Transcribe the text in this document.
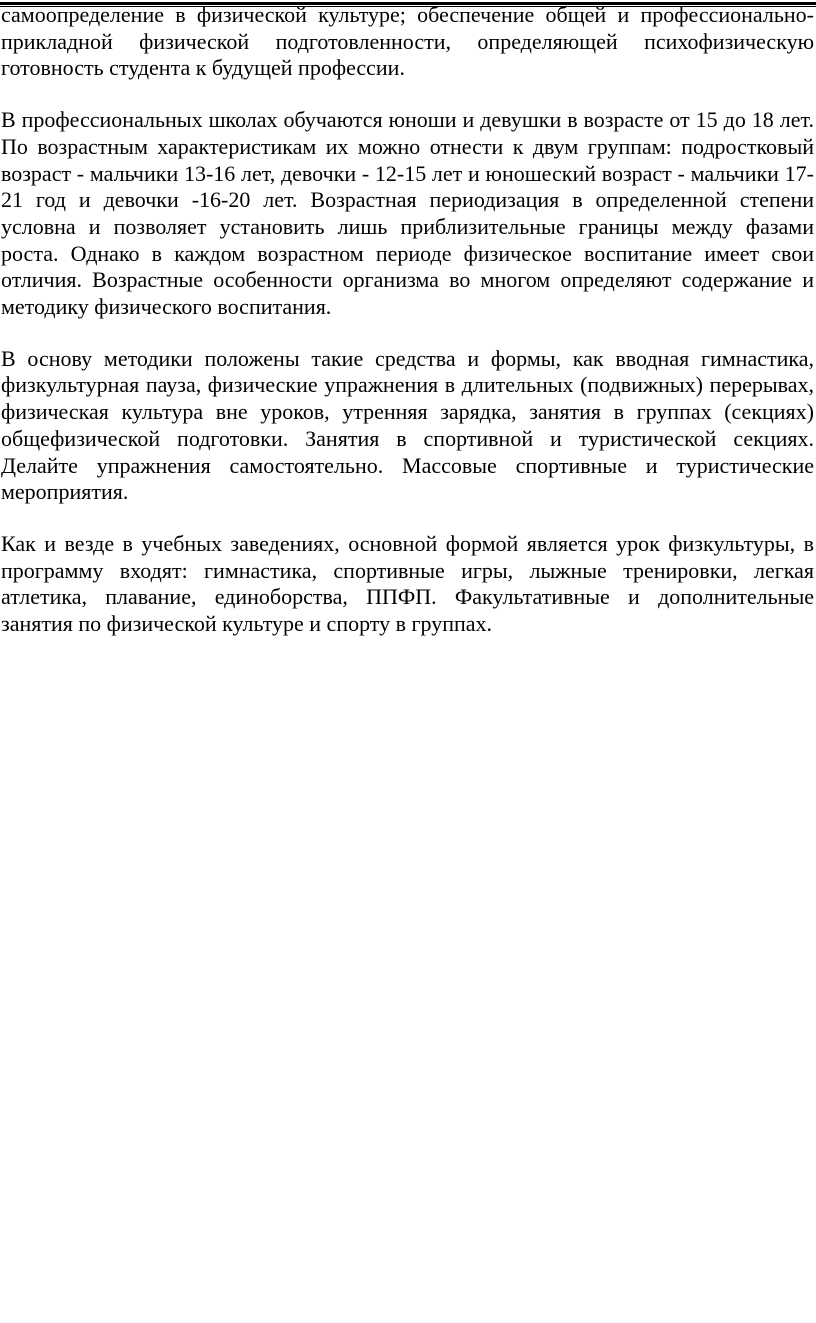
самоопределение в физической культуре; обеспечение общей и профессионально-прикладной физической подготовленности, определяющей психофизическую готовность студента к будущей профессии.

В профессиональных школах обучаются юноши и девушки в возрасте от 15 до 18 лет. По возрастным характеристикам их можно отнести к двум группам: подростковый возраст - мальчики 13-16 лет, девочки - 12-15 лет и юношеский возраст - мальчики 17-21 год и девочки -16-20 лет. Возрастная периодизация в определенной степени условна и позволяет установить лишь приблизительные границы между фазами роста. Однако в каждом возрастном периоде физическое воспитание имеет свои отличия. Возрастные особенности организма во многом определяют содержание и методику физического воспитания.

В основу методики положены такие средства и формы, как вводная гимнастика, физкультурная пауза, физические упражнения в длительных (подвижных) перерывах, физическая культура вне уроков, утренняя зарядка, занятия в группах (секциях) общефизической подготовки. Занятия в спортивной и туристической секциях. Делайте упражнения самостоятельно. Массовые спортивные и туристические мероприятия.

Как и везде в учебных заведениях, основной формой является урок физкультуры, в программу входят: гимнастика, спортивные игры, лыжные тренировки, легкая атлетика, плавание, единоборства, ППФП. Факультативные и дополнительные занятия по физической культуре и спорту в группах.
